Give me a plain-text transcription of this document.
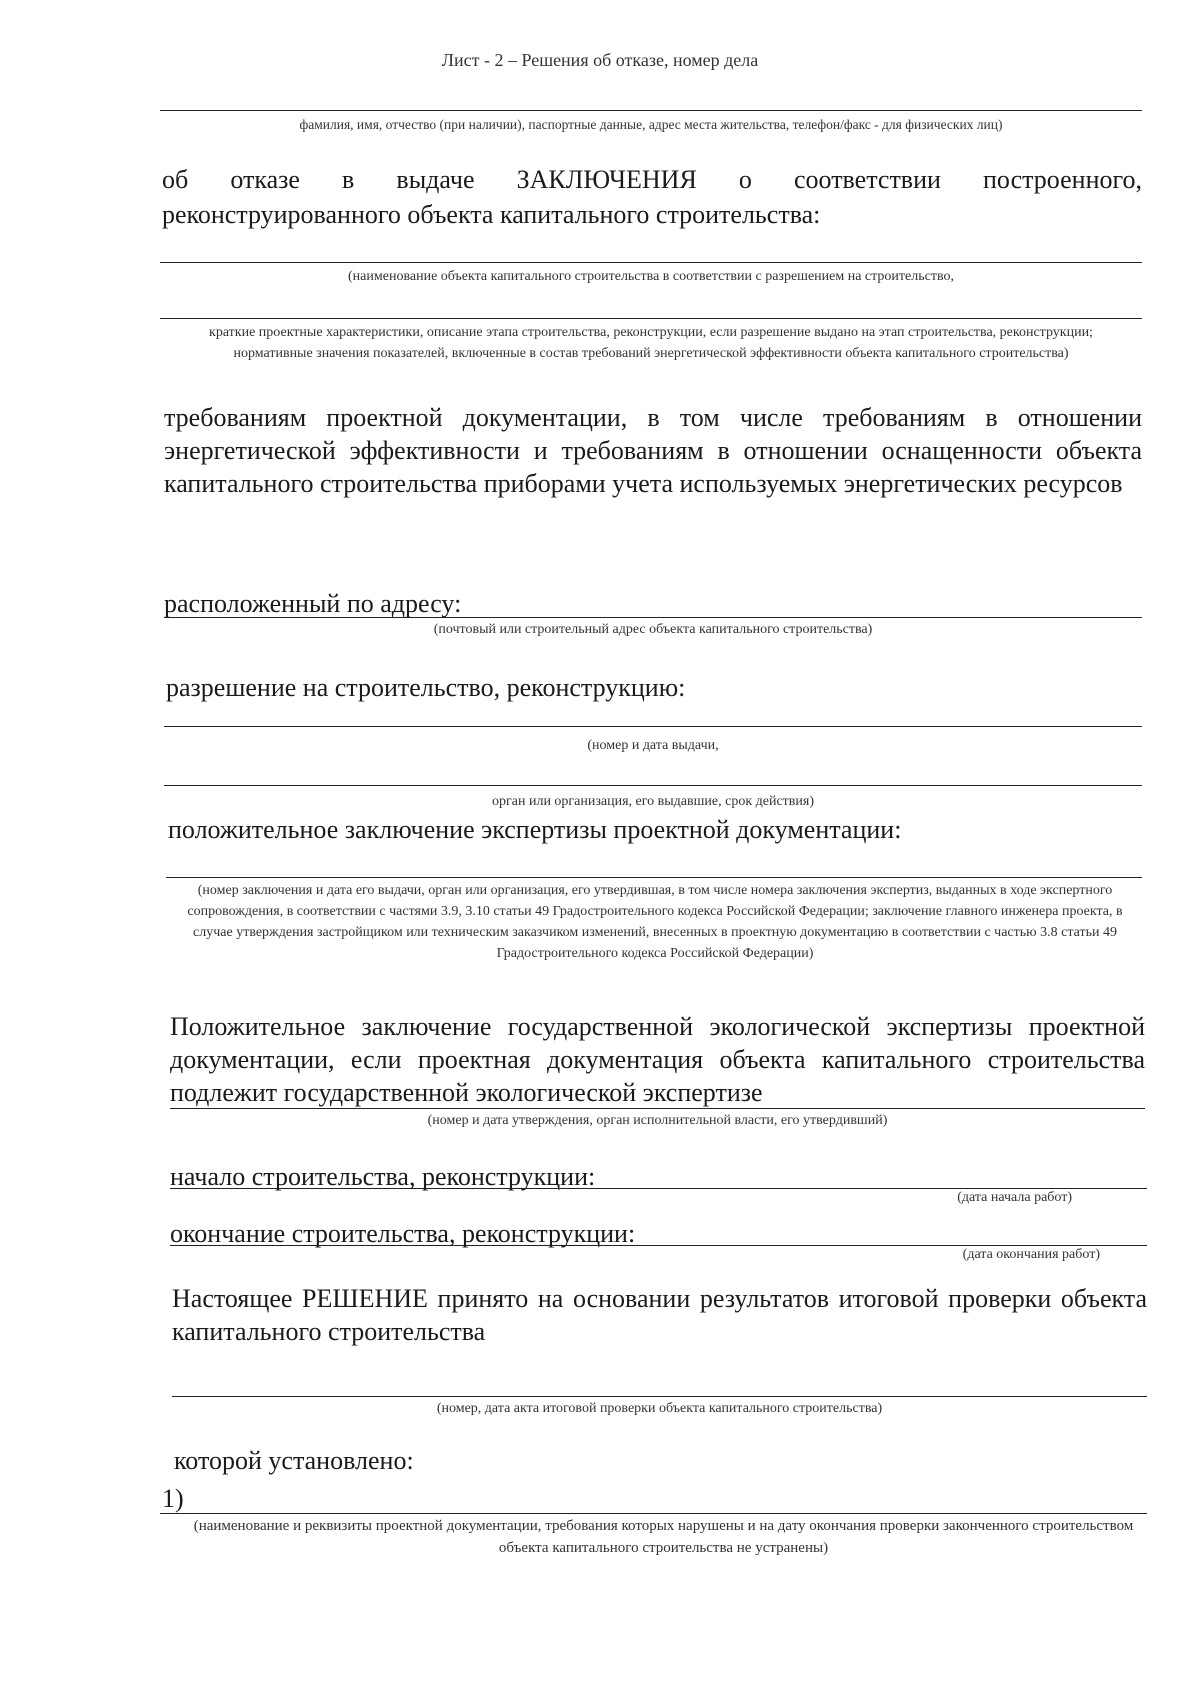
Лист - 2 – Решения об отказе, номер дела
фамилия, имя, отчество (при наличии), паспортные данные, адрес места жительства, телефон/факс - для физических лиц)
об отказе в выдаче ЗАКЛЮЧЕНИЯ о соответствии построенного,
реконструированного объекта капитального строительства:
(наименование объекта капитального строительства в соответствии с разрешением на строительство,
краткие проектные характеристики, описание этапа строительства, реконструкции, если разрешение выдано на этап строительства, реконструкции; нормативные значения показателей, включенные в состав требований энергетической эффективности объекта капитального строительства)
требованиям проектной документации, в том числе требованиям в отношении энергетической эффективности и требованиям в отношении оснащенности объекта капитального строительства приборами учета используемых энергетических ресурсов
расположенный по адресу:
(почтовый или строительный адрес объекта капитального строительства)
разрешение на строительство, реконструкцию:
(номер и дата выдачи,
орган или организация, его выдавшие, срок действия)
положительное заключение экспертизы проектной документации:
(номер заключения и дата его выдачи, орган или организация, его утвердившая, в том числе номера заключения экспертиз, выданных в ходе экспертного сопровождения, в соответствии с частями 3.9, 3.10 статьи 49 Градостроительного кодекса Российской Федерации; заключение главного инженера проекта, в случае утверждения застройщиком или техническим заказчиком изменений, внесенных в проектную документацию в соответствии с частью 3.8 статьи 49 Градостроительного кодекса Российской Федерации)
Положительное заключение государственной экологической экспертизы проектной документации, если проектная документация объекта капитального строительства подлежит государственной экологической экспертизе
(номер и дата утверждения, орган исполнительной власти, его утвердивший)
начало строительства, реконструкции:
(дата начала работ)
окончание строительства, реконструкции:
(дата окончания работ)
Настоящее РЕШЕНИЕ принято на основании результатов итоговой проверки объекта капитального строительства
(номер, дата акта итоговой проверки объекта капитального строительства)
которой установлено:
1)
(наименование и реквизиты проектной документации, требования которых нарушены и на дату окончания проверки законченного строительством объекта капитального строительства не устранены)
